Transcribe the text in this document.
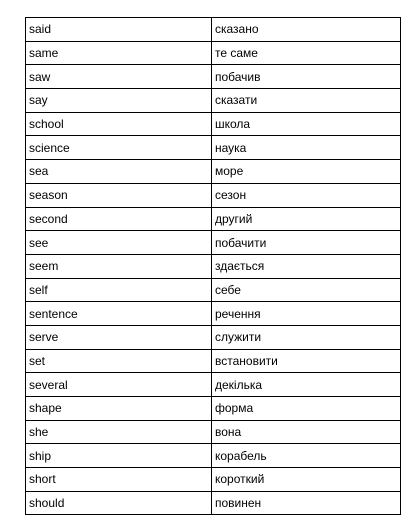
said	сказано
same	те саме
saw	побачив
say	сказати
school	школа
science	наука
sea	море
season	сезон
second	другий
see	побачити
seem	здається
self	себе
sentence	речення
serve	служити
set	встановити
several	декілька
shape	форма
she	вона
ship	корабель
short	короткий
should	повинен
